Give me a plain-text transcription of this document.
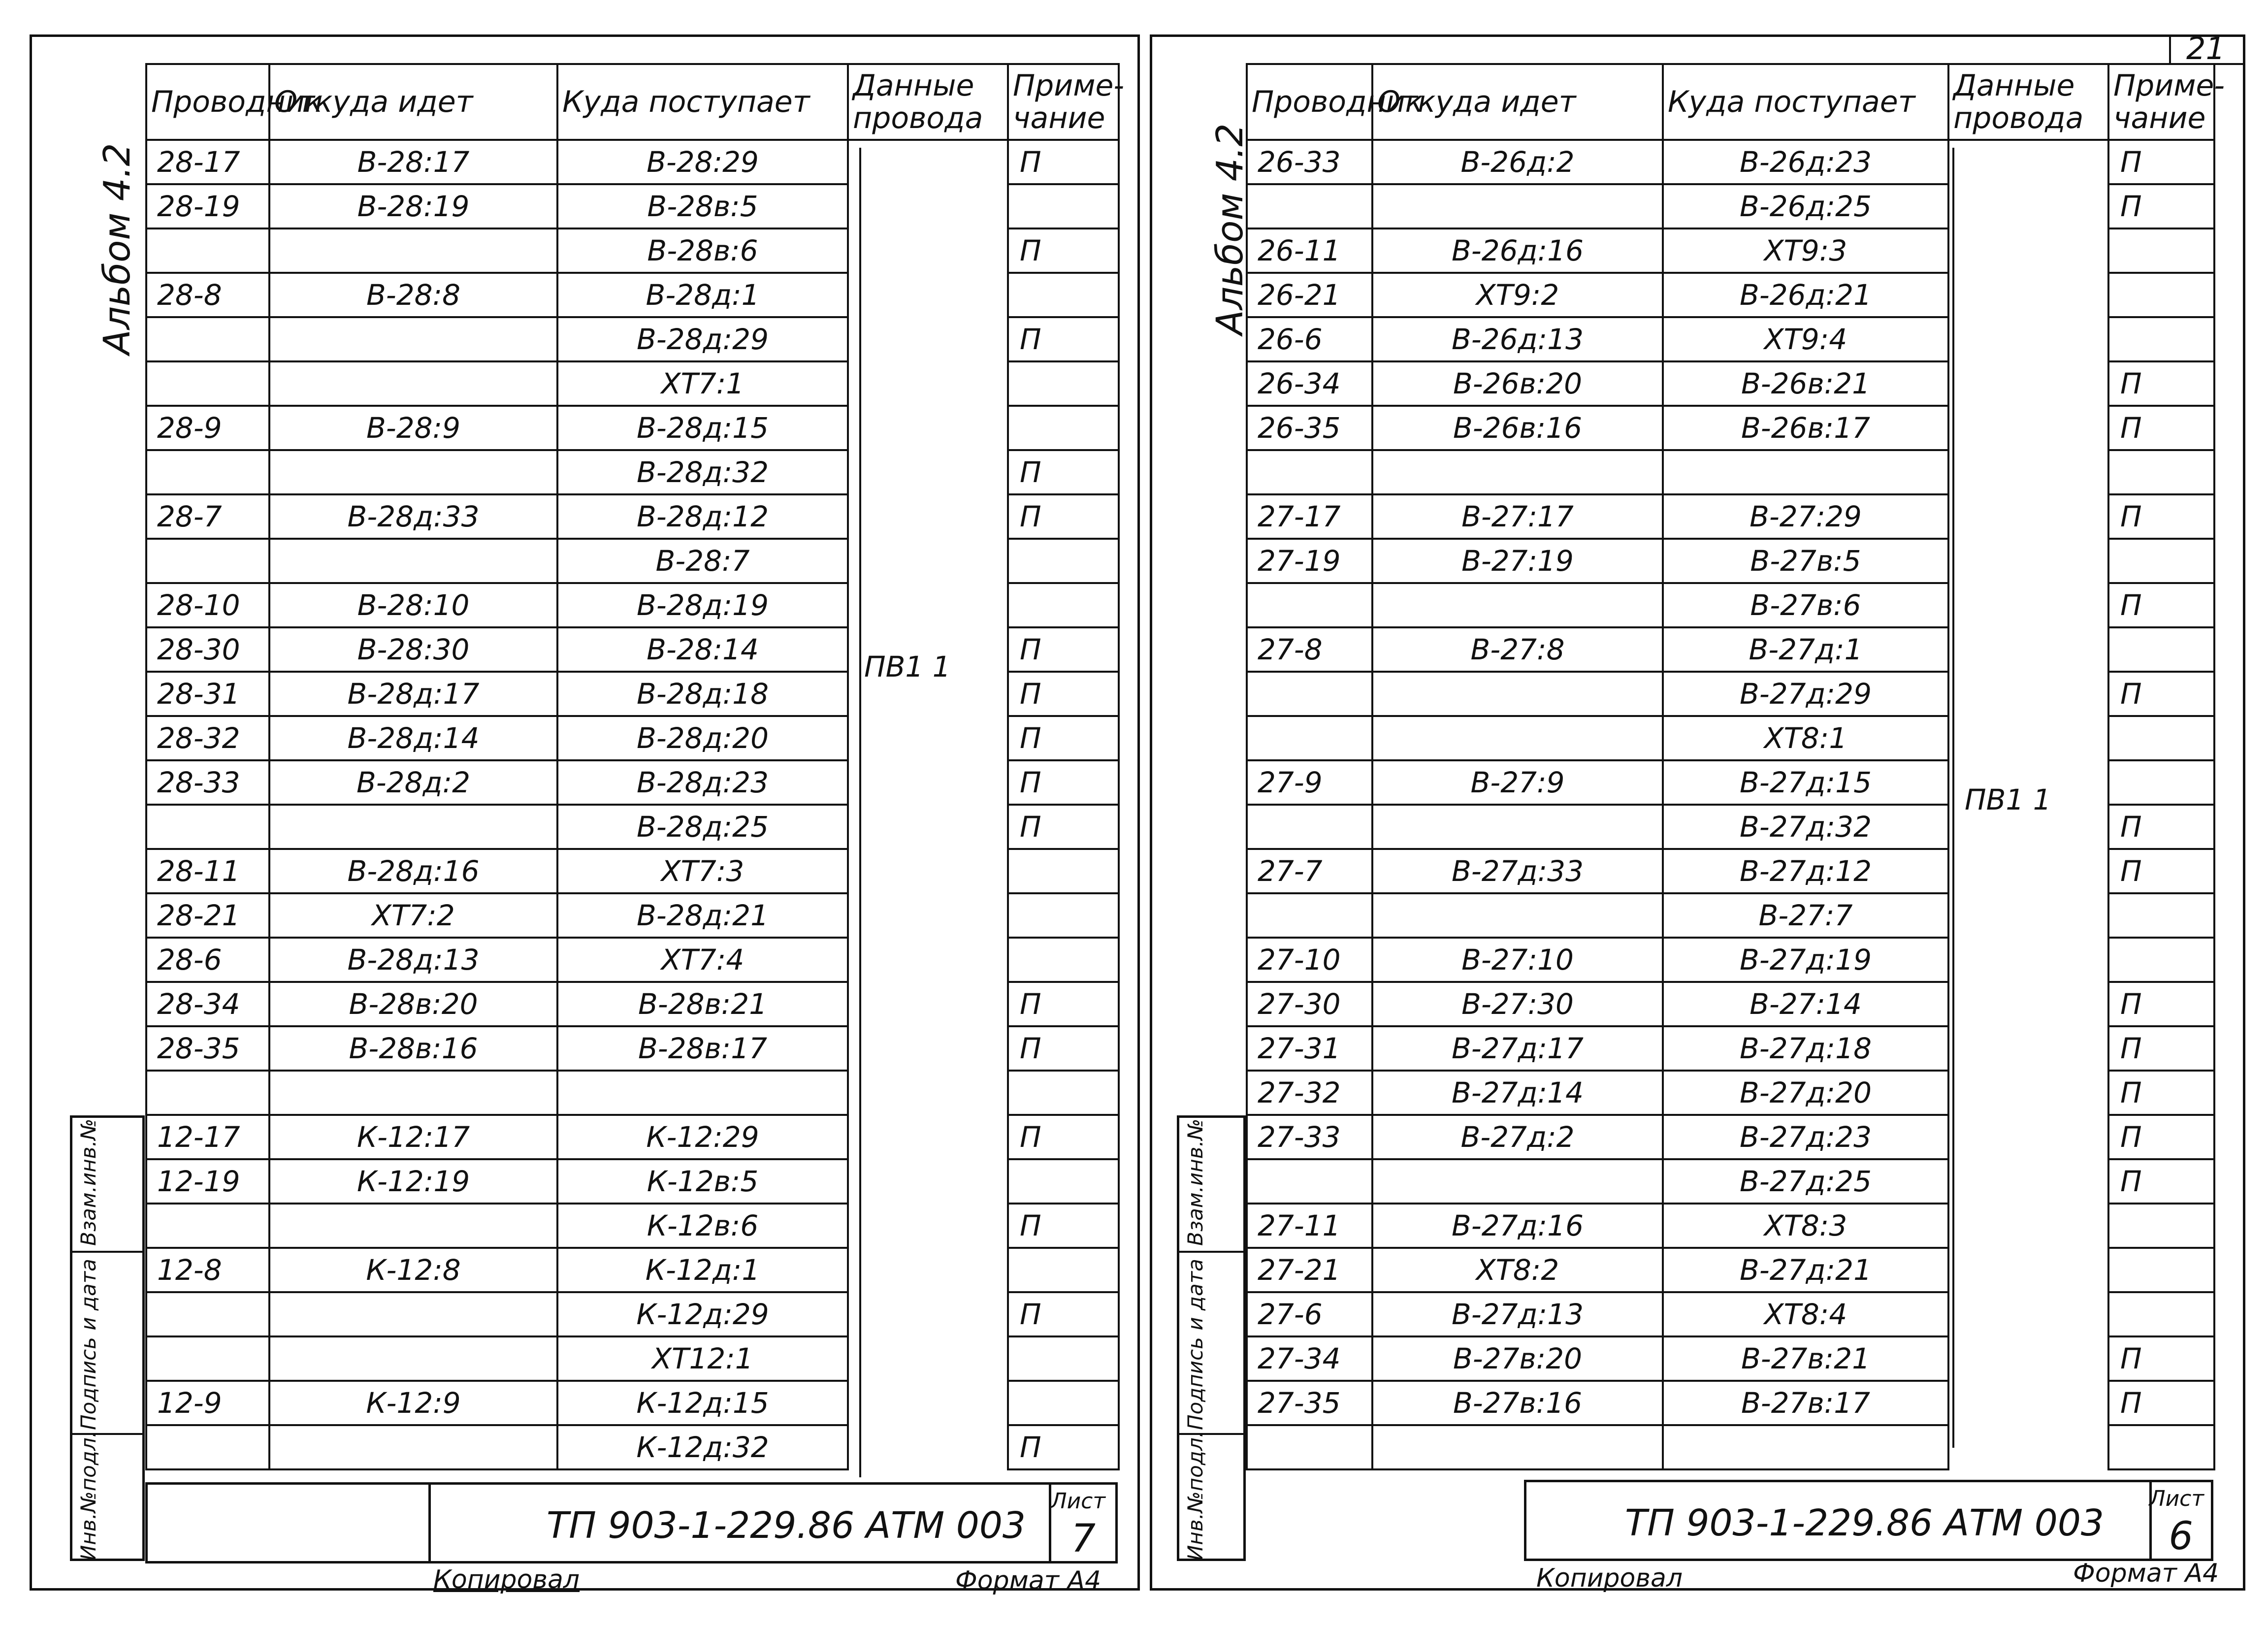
Альбом 4.2
Проводник	Откуда идет	Куда поступает	Данные провода	Приме-чание
28-17	В-28:17	В-28:29		П
28-19	В-28:19	В-28в:5		
		В-28в:6		П
28-8	В-28:8	В-28д:1		
		В-28д:29		П
		ХТ7:1		
28-9	В-28:9	В-28д:15		
		В-28д:32		П
28-7	В-28д:33	В-28д:12		П
		В-28:7		
28-10	В-28:10	В-28д:19		
28-30	В-28:30	В-28:14		П
28-31	В-28д:17	В-28д:18		П
28-32	В-28д:14	В-28д:20		П
28-33	В-28д:2	В-28д:23		П
		В-28д:25		П
28-11	В-28д:16	ХТ7:3		
28-21	ХТ7:2	В-28д:21		
28-6	В-28д:13	ХТ7:4		
28-34	В-28в:20	В-28в:21		П
28-35	В-28в:16	В-28в:17		П

12-17	К-12:17	К-12:29		П
12-19	К-12:19	К-12в:5		
		К-12в:6		П
12-8	К-12:8	К-12д:1		
		К-12д:29		П
		ХТ12:1		
12-9	К-12:9	К-12д:15		
		К-12д:32		П
ПВ1 1
Взам.инв.№
Подпись и дата
Инв.№подл.	ТП 903-1-229.86 АТМ 003
Лист
7
Копировал	Формат А4
21
Альбом 4.2
Проводник	Откуда идет	Куда поступает	Данные провода	Приме-чание
26-33	В-26д:2	В-26д:23		П
		В-26д:25		П
26-11	В-26д:16	ХТ9:3		
26-21	ХТ9:2	В-26д:21		
26-6	В-26д:13	ХТ9:4		
26-34	В-26в:20	В-26в:21		П
26-35	В-26в:16	В-26в:17		П

27-17	В-27:17	В-27:29		П
27-19	В-27:19	В-27в:5		
		В-27в:6		П
27-8	В-27:8	В-27д:1		
		В-27д:29		П
		ХТ8:1		
27-9	В-27:9	В-27д:15		
		В-27д:32		П
27-7	В-27д:33	В-27д:12		П
		В-27:7		
27-10	В-27:10	В-27д:19		
27-30	В-27:30	В-27:14		П
27-31	В-27д:17	В-27д:18		П
27-32	В-27д:14	В-27д:20		П
27-33	В-27д:2	В-27д:23		П
		В-27д:25		П
27-11	В-27д:16	ХТ8:3		
27-21	ХТ8:2	В-27д:21		
27-6	В-27д:13	ХТ8:4		
27-34	В-27в:20	В-27в:21		П
27-35	В-27в:16	В-27в:17		П

ПВ1 1
Взам.инв.№
Подпись и дата
Инв.№подл.	ТП 903-1-229.86 АТМ 003
Лист
6
Копировал	Формат А4
